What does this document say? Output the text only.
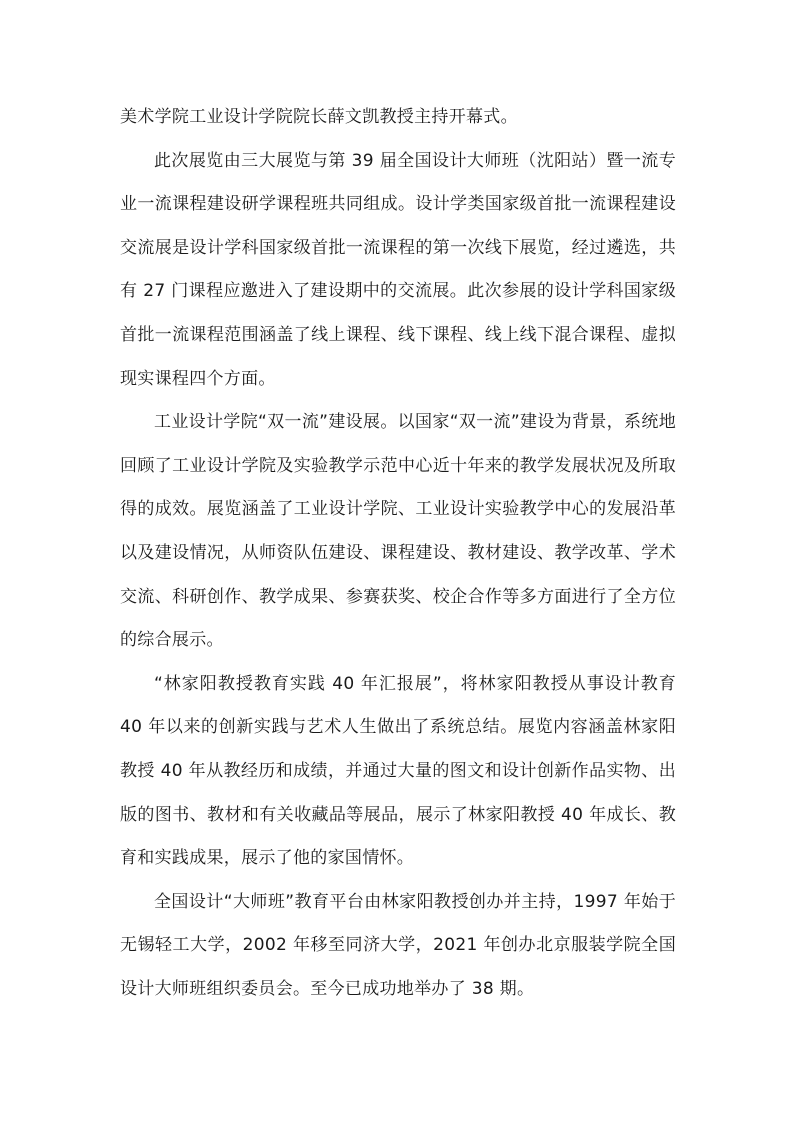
美术学院工业设计学院院长薛文凯教授主持开幕式。

此次展览由三大展览与第 39 届全国设计大师班（沈阳站）暨一流专业一流课程建设研学课程班共同组成。设计学类国家级首批一流课程建设交流展是设计学科国家级首批一流课程的第一次线下展览，经过遴选，共有 27 门课程应邀进入了建设期中的交流展。此次参展的设计学科国家级首批一流课程范围涵盖了线上课程、线下课程、线上线下混合课程、虚拟现实课程四个方面。

工业设计学院“双一流”建设展。以国家“双一流”建设为背景，系统地回顾了工业设计学院及实验教学示范中心近十年来的教学发展状况及所取得的成效。展览涵盖了工业设计学院、工业设计实验教学中心的发展沿革以及建设情况，从师资队伍建设、课程建设、教材建设、教学改革、学术交流、科研创作、教学成果、参赛获奖、校企合作等多方面进行了全方位的综合展示。

“林家阳教授教育实践 40 年汇报展”，将林家阳教授从事设计教育 40 年以来的创新实践与艺术人生做出了系统总结。展览内容涵盖林家阳教授 40 年从教经历和成绩，并通过大量的图文和设计创新作品实物、出版的图书、教材和有关收藏品等展品，展示了林家阳教授 40 年成长、教育和实践成果，展示了他的家国情怀。

全国设计“大师班”教育平台由林家阳教授创办并主持，1997 年始于无锡轻工大学，2002 年移至同济大学，2021 年创办北京服装学院全国设计大师班组织委员会。至今已成功地举办了 38 期。
